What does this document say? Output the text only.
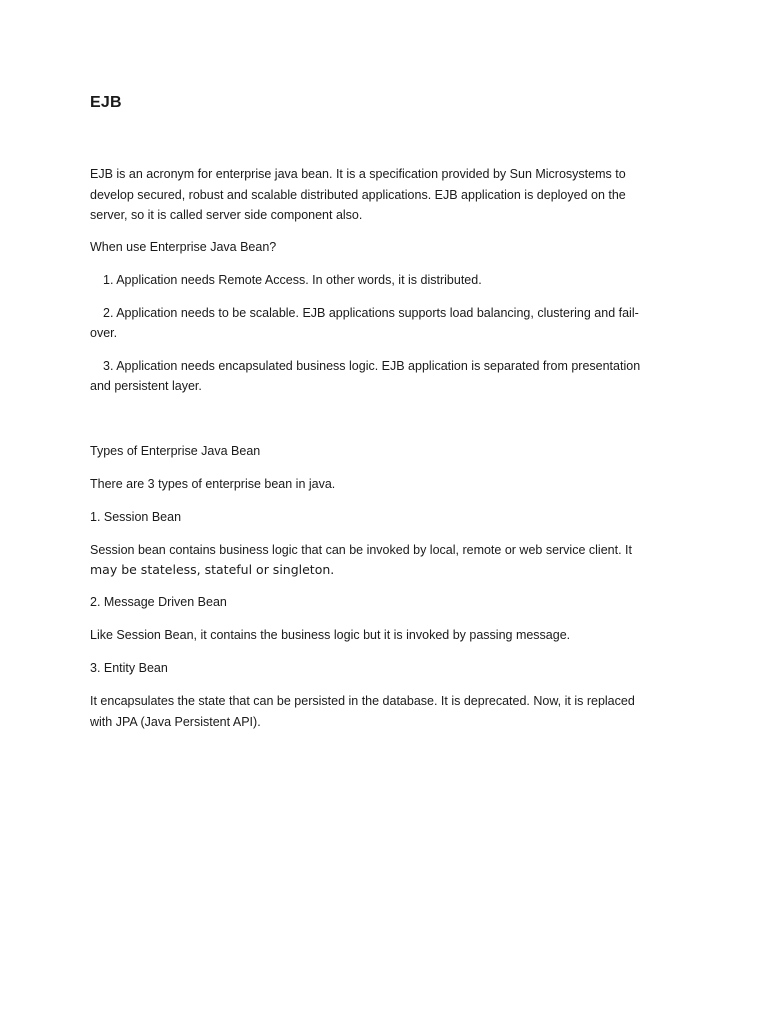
EJB

EJB is an acronym for enterprise java bean. It is a specification provided by Sun Microsystems to develop secured, robust and scalable distributed applications. EJB application is deployed on the server, so it is called server side component also.

When use Enterprise Java Bean?

1. Application needs Remote Access. In other words, it is distributed.

2. Application needs to be scalable. EJB applications supports load balancing, clustering and fail-

over.

3. Application needs encapsulated business logic. EJB application is separated from presentation

and persistent layer.

Types of Enterprise Java Bean

There are 3 types of enterprise bean in java.

1. Session Bean

Session bean contains business logic that can be invoked by local, remote or web service client. It

may be stateless, stateful or singleton.

2. Message Driven Bean

Like Session Bean, it contains the business logic but it is invoked by passing message.

3. Entity Bean

It encapsulates the state that can be persisted in the database. It is deprecated. Now, it is replaced with JPA (Java Persistent API).
